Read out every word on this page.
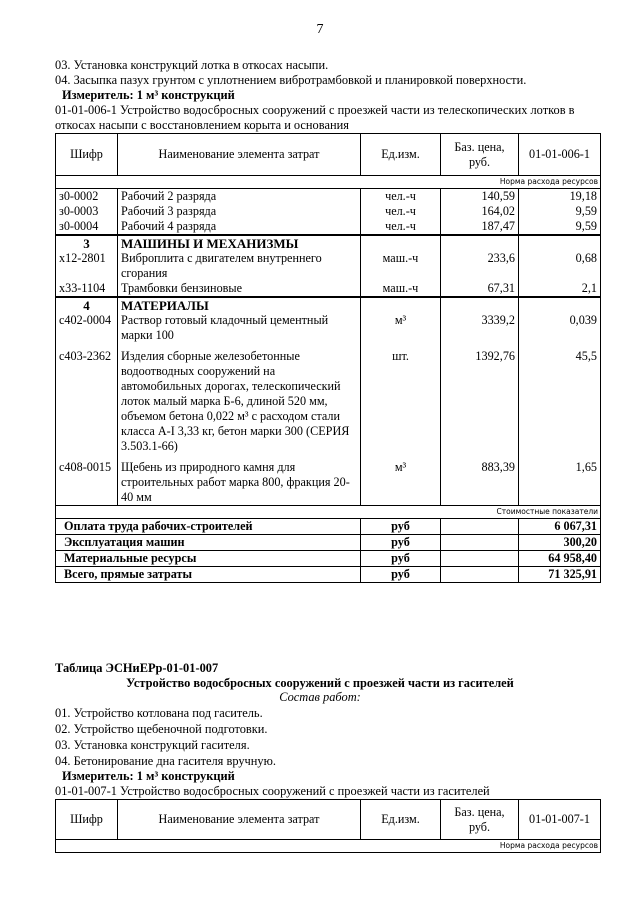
7
03. Установка конструкций лотка в откосах насыпи.
04. Засыпка пазух грунтом с уплотнением вибротрамбовкой и планировкой поверхности.
Измеритель: 1 м³ конструкций
01-01-006-1 Устройство водосбросных сооружений с проезжей части из телескопических лотков в
откосах насыпи с восстановлением корыта и основания
Шифр	Наименование элемента затрат	Ед.изм.	Баз. цена, руб.	01-01-006-1
Норма расхода ресурсов				
з0-0002	Рабочий 2 разряда	чел.-ч	140,59	19,18
з0-0003	Рабочий 3 разряда	чел.-ч	164,02	9,59
з0-0004	Рабочий 4 разряда	чел.-ч	187,47	9,59
3	МАШИНЫ И МЕХАНИЗМЫ			
х12-2801	Виброплита с двигателем внутреннего сгорания	маш.-ч	233,6	0,68
х33-1104	Трамбовки бензиновые	маш.-ч	67,31	2,1
4	МАТЕРИАЛЫ			
с402-0004	Раствор готовый кладочный цементный марки 100	м³	3339,2	0,039
с403-2362	Изделия сборные железобетонные водоотводных сооружений на автомобильных дорогах, телескопический лоток малый марка Б-6, длиной 520 мм, объемом бетона 0,022 м³ с расходом стали класса А-I 3,33 кг, бетон марки 300 (СЕРИЯ 3.503.1-66)	шт.	1392,76	45,5
с408-0015	Щебень из природного камня для строительных работ марка 800, фракция 20-40 мм	м³	883,39	1,65
Стоимостные показатели				
Оплата труда рабочих-строителей		руб		6 067,31
Эксплуатация машин		руб		300,20
Материальные ресурсы		руб		64 958,40
Всего, прямые затраты		руб		71 325,91
Таблица ЭСНиЕРр-01-01-007
Устройство водосбросных сооружений с проезжей части из гасителей
Состав работ:
01. Устройство котлована под гаситель.
02. Устройство щебеночной подготовки.
03. Установка конструкций гасителя.
04. Бетонирование дна гасителя вручную.
Измеритель: 1 м³ конструкций
01-01-007-1 Устройство водосбросных сооружений с проезжей части из гасителей
Шифр	Наименование элемента затрат	Ед.изм.	Баз. цена, руб.	01-01-007-1
Норма расхода ресурсов
